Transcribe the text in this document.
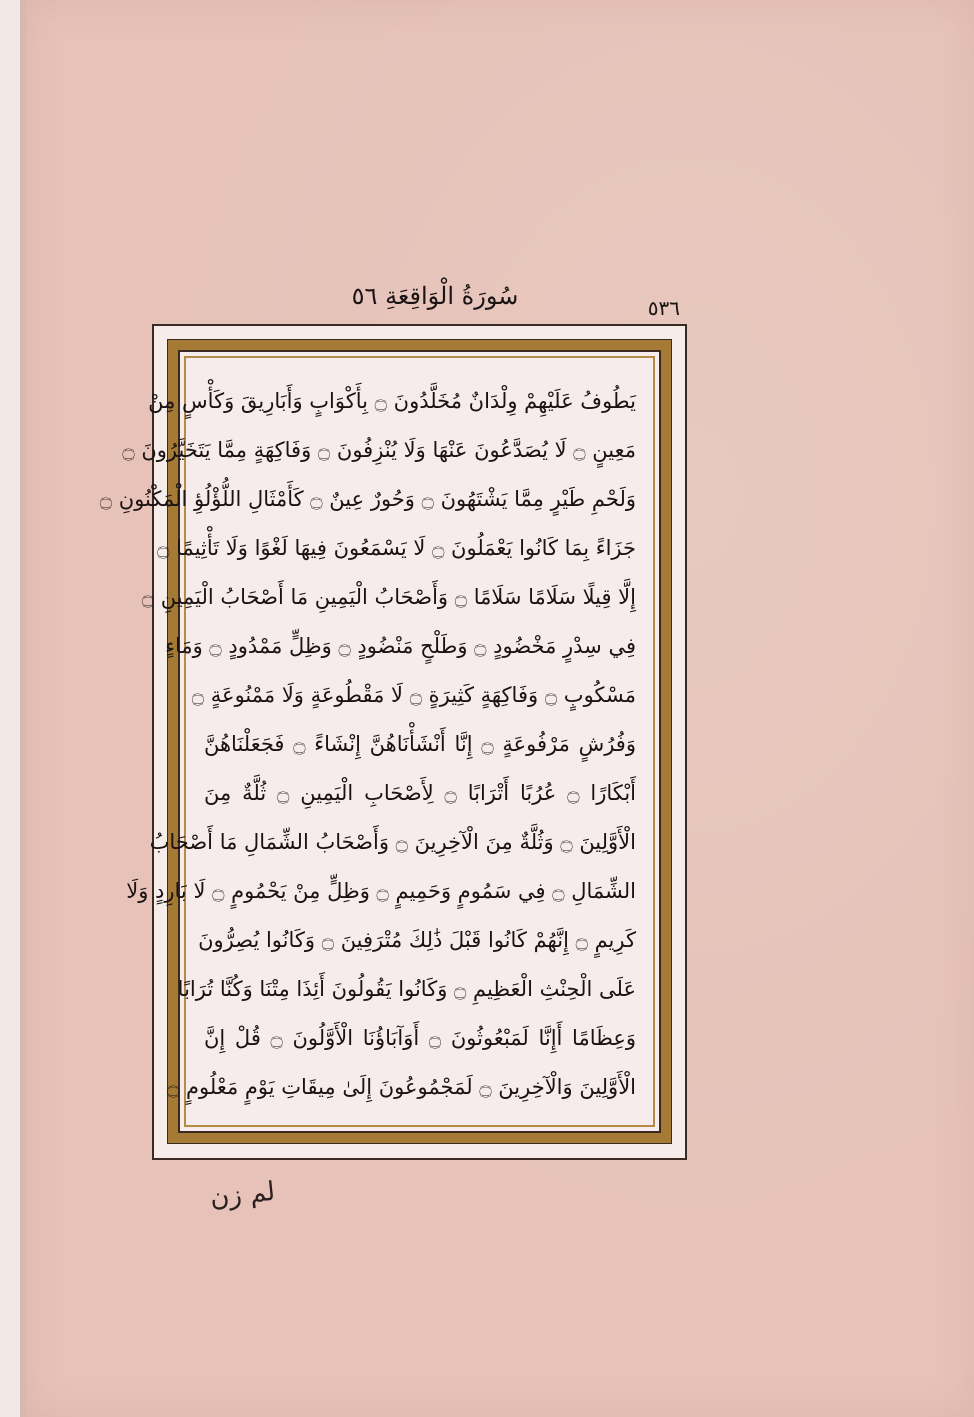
سُورَةُ الْوَاقِعَةِ ٥٦	٥٣٦
يَطُوفُ عَلَيْهِمْ وِلْدَانٌ مُخَلَّدُونَ ۝ بِأَكْوَابٍ وَأَبَارِيقَ وَكَأْسٍ مِنْ
مَعِينٍ ۝ لَا يُصَدَّعُونَ عَنْهَا وَلَا يُنْزِفُونَ ۝ وَفَاكِهَةٍ مِمَّا يَتَخَيَّرُونَ ۝
وَلَحْمِ طَيْرٍ مِمَّا يَشْتَهُونَ ۝ وَحُورٌ عِينٌ ۝ كَأَمْثَالِ اللُّؤْلُؤِ الْمَكْنُونِ ۝
جَزَاءً بِمَا كَانُوا يَعْمَلُونَ ۝ لَا يَسْمَعُونَ فِيهَا لَغْوًا وَلَا تَأْثِيمًا ۝
إِلَّا قِيلًا سَلَامًا سَلَامًا ۝ وَأَصْحَابُ الْيَمِينِ مَا أَصْحَابُ الْيَمِينِ ۝
فِي سِدْرٍ مَخْضُودٍ ۝ وَطَلْحٍ مَنْضُودٍ ۝ وَظِلٍّ مَمْدُودٍ ۝ وَمَاءٍ
مَسْكُوبٍ ۝ وَفَاكِهَةٍ كَثِيرَةٍ ۝ لَا مَقْطُوعَةٍ وَلَا مَمْنُوعَةٍ ۝
وَفُرُشٍ مَرْفُوعَةٍ ۝ إِنَّا أَنْشَأْنَاهُنَّ إِنْشَاءً ۝ فَجَعَلْنَاهُنَّ
أَبْكَارًا ۝ عُرُبًا أَتْرَابًا ۝ لِأَصْحَابِ الْيَمِينِ ۝ ثُلَّةٌ مِنَ
الْأَوَّلِينَ ۝ وَثُلَّةٌ مِنَ الْآخِرِينَ ۝ وَأَصْحَابُ الشِّمَالِ مَا أَصْحَابُ
الشِّمَالِ ۝ فِي سَمُومٍ وَحَمِيمٍ ۝ وَظِلٍّ مِنْ يَحْمُومٍ ۝ لَا بَارِدٍ وَلَا
كَرِيمٍ ۝ إِنَّهُمْ كَانُوا قَبْلَ ذَٰلِكَ مُتْرَفِينَ ۝ وَكَانُوا يُصِرُّونَ
عَلَى الْحِنْثِ الْعَظِيمِ ۝ وَكَانُوا يَقُولُونَ أَئِذَا مِتْنَا وَكُنَّا تُرَابًا
وَعِظَامًا أَإِنَّا لَمَبْعُوثُونَ ۝ أَوَآبَاؤُنَا الْأَوَّلُونَ ۝ قُلْ إِنَّ
الْأَوَّلِينَ وَالْآخِرِينَ ۝ لَمَجْمُوعُونَ إِلَىٰ مِيقَاتِ يَوْمٍ مَعْلُومٍ ۝
لم زن
